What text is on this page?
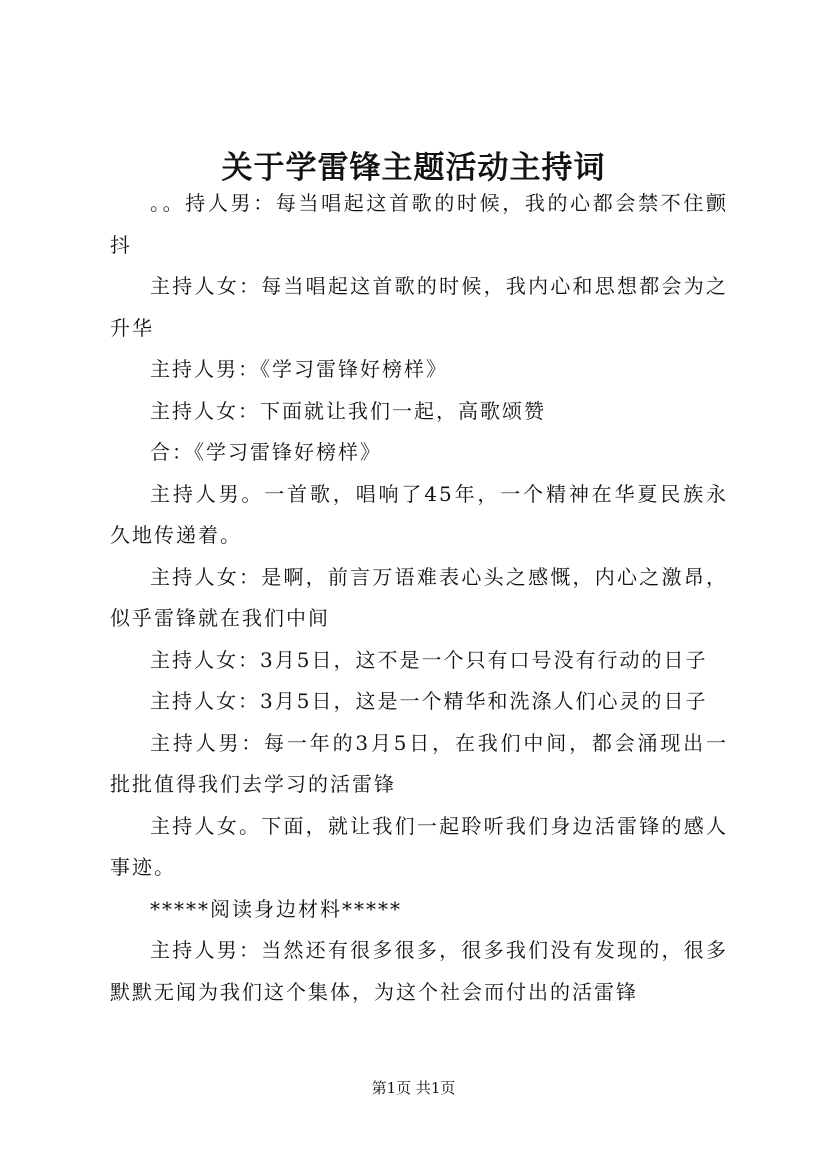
关于学雷锋主题活动主持词

。。持人男：每当唱起这首歌的时候，我的心都会禁不住颤抖

主持人女：每当唱起这首歌的时候，我内心和思想都会为之升华

主持人男：《学习雷锋好榜样》

主持人女：下面就让我们一起，高歌颂赞

合：《学习雷锋好榜样》

主持人男。一首歌，唱响了45年，一个精神在华夏民族永久地传递着。

主持人女：是啊，前言万语难表心头之感慨，内心之激昂，似乎雷锋就在我们中间

主持人女：3月5日，这不是一个只有口号没有行动的日子

主持人女：3月5日，这是一个精华和洗涤人们心灵的日子

主持人男：每一年的3月5日，在我们中间，都会涌现出一批批值得我们去学习的活雷锋

主持人女。下面，就让我们一起聆听我们身边活雷锋的感人事迹。

*****阅读身边材料*****

主持人男：当然还有很多很多，很多我们没有发现的，很多默默无闻为我们这个集体，为这个社会而付出的活雷锋

第1页 共1页
